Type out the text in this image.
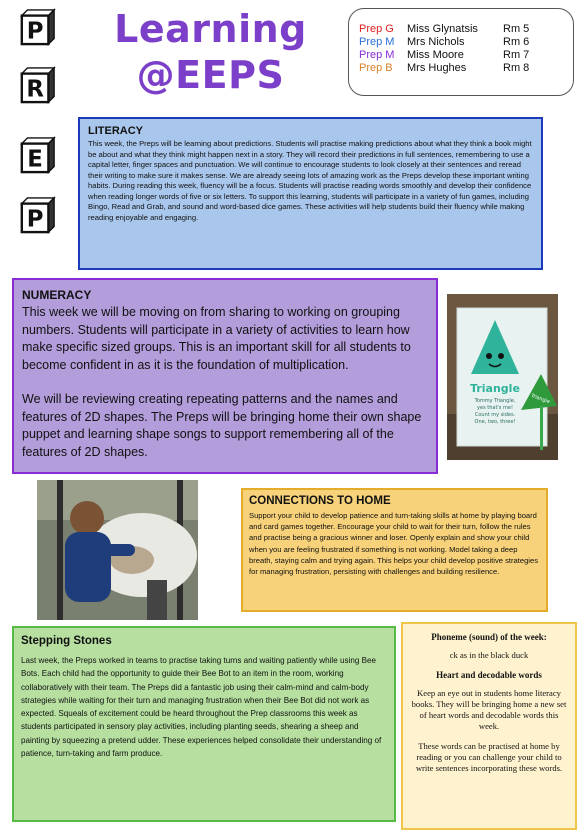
P
R
E
P
Learning
@EEPS
Prep G	Miss Glynatsis	Rm 5
Prep M	Mrs Nichols	Rm 6
Prep M	Miss Moore	Rm 7
Prep B	Mrs Hughes	Rm 8
LITERACY

This week, the Preps will be learning about predictions. Students will practise making predictions about what they think a book might be about and what they think might happen next in a story. They will record their predictions in full sentences, remembering to use a capital letter, finger spaces and punctuation. We will continue to encourage students to look closely at their sentences and reread their writing to make sure it makes sense. We are already seeing lots of amazing work as the Preps develop these important writing habits. During reading this week, fluency will be a focus. Students will practise reading words smoothly and develop their confidence when reading longer words of five or six letters. To support this learning, students will participate in a variety of fun games, including Bingo, Read and Grab, and sound and word-based dice games. These activities will help students build their fluency while making reading enjoyable and engaging.

NUMERACY

This week we will be moving on from sharing to working on grouping numbers. Students will participate in a variety of activities to learn how make specific sized groups. This is an important skill for all students to become confident in as it is the foundation of multiplication.

We will be reviewing creating repeating patterns and the names and features of 2D shapes. The Preps will be bringing home their own shape puppet and learning shape songs to support remembering all of the features of 2D shapes.

Triangle
Tommy Triangle,
yes that's me!
Count my sides.
One, two, three!
Triangle
CONNECTIONS TO HOME

Support your child to develop patience and turn-taking skills at home by playing board and card games together. Encourage your child to wait for their turn, follow the rules and practise being a gracious winner and loser. Openly explain and show your child when you are feeling frustrated if something is not working. Model taking a deep breath, staying calm and trying again. This helps your child develop positive strategies for managing frustration, persisting with challenges and building resilience.

Stepping Stones

Last week, the Preps worked in teams to practise taking turns and waiting patiently while using Bee Bots. Each child had the opportunity to guide their Bee Bot to an item in the room, working collaboratively with their team. The Preps did a fantastic job using their calm-mind and calm-body strategies while waiting for their turn and managing frustration when their Bee Bot did not work as expected. Squeals of excitement could be heard throughout the Prep classrooms this week as students participated in sensory play activities, including planting seeds, shearing a sheep and painting by squeezing a pretend udder. These experiences helped consolidate their understanding of patience, turn-taking and farm produce.

Phoneme (sound) of the week:

ck as in the black duck

Heart and decodable words

Keep an eye out in students home literacy books. They will be bringing home a new set of heart words and decodable words this week.

These words can be practised at home by reading or you can challenge your child to write sentences incorporating these words.
